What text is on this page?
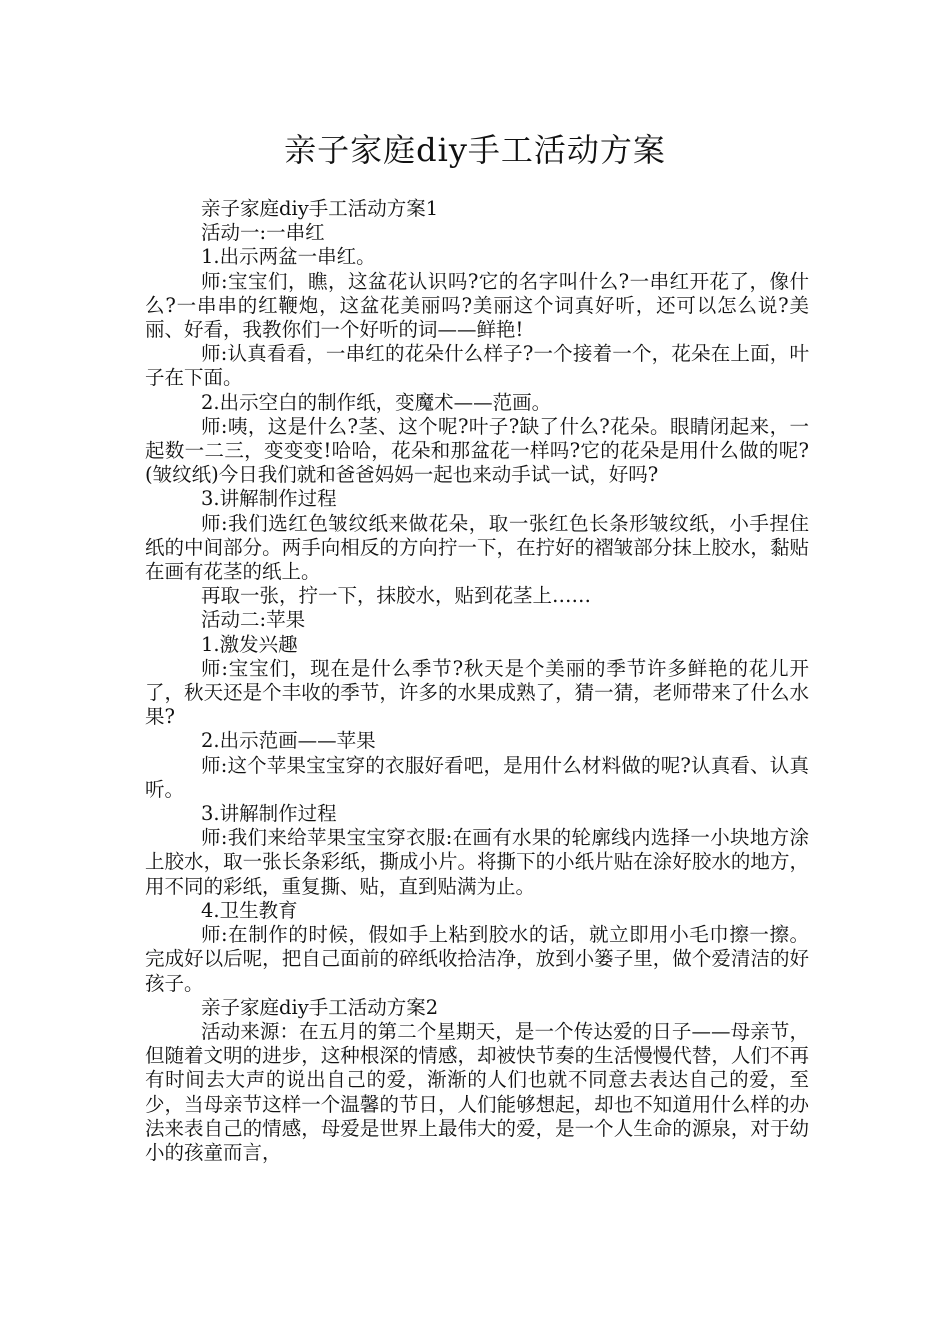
亲子家庭diy手工活动方案

亲子家庭diy手工活动方案1

活动一:一串红

1.出示两盆一串红。

师:宝宝们，瞧，这盆花认识吗?它的名字叫什么?一串红开花了，像什么?一串串的红鞭炮，这盆花美丽吗?美丽这个词真好听，还可以怎么说?美丽、好看，我教你们一个好听的词——鲜艳!

师:认真看看，一串红的花朵什么样子?一个接着一个，花朵在上面，叶子在下面。

2.出示空白的制作纸，变魔术——范画。

师:咦，这是什么?茎、这个呢?叶子?缺了什么?花朵。眼睛闭起来，一起数一二三，变变变!哈哈，花朵和那盆花一样吗?它的花朵是用什么做的呢?(皱纹纸)今日我们就和爸爸妈妈一起也来动手试一试，好吗?

3.讲解制作过程

师:我们选红色皱纹纸来做花朵，取一张红色长条形皱纹纸，小手捏住纸的中间部分。两手向相反的方向拧一下，在拧好的褶皱部分抹上胶水，黏贴在画有花茎的纸上。

再取一张，拧一下，抹胶水，贴到花茎上……

活动二:苹果

1.激发兴趣

师:宝宝们，现在是什么季节?秋天是个美丽的季节许多鲜艳的花儿开了，秋天还是个丰收的季节，许多的水果成熟了，猜一猜，老师带来了什么水果?

2.出示范画——苹果

师:这个苹果宝宝穿的衣服好看吧，是用什么材料做的呢?认真看、认真听。

3.讲解制作过程

师:我们来给苹果宝宝穿衣服:在画有水果的轮廓线内选择一小块地方涂上胶水，取一张长条彩纸，撕成小片。将撕下的小纸片贴在涂好胶水的地方，用不同的彩纸，重复撕、贴，直到贴满为止。

4.卫生教育

师:在制作的时候，假如手上粘到胶水的话，就立即用小毛巾擦一擦。完成好以后呢，把自己面前的碎纸收拾洁净，放到小篓子里，做个爱清洁的好孩子。

亲子家庭diy手工活动方案2

活动来源：在五月的第二个星期天，是一个传达爱的日子——母亲节，但随着文明的进步，这种根深的情感，却被快节奏的生活慢慢代替，人们不再有时间去大声的说出自己的爱，渐渐的人们也就不同意去表达自己的爱，至少，当母亲节这样一个温馨的节日，人们能够想起，却也不知道用什么样的办法来表自己的情感，母爱是世界上最伟大的爱，是一个人生命的源泉，对于幼小的孩童而言，
